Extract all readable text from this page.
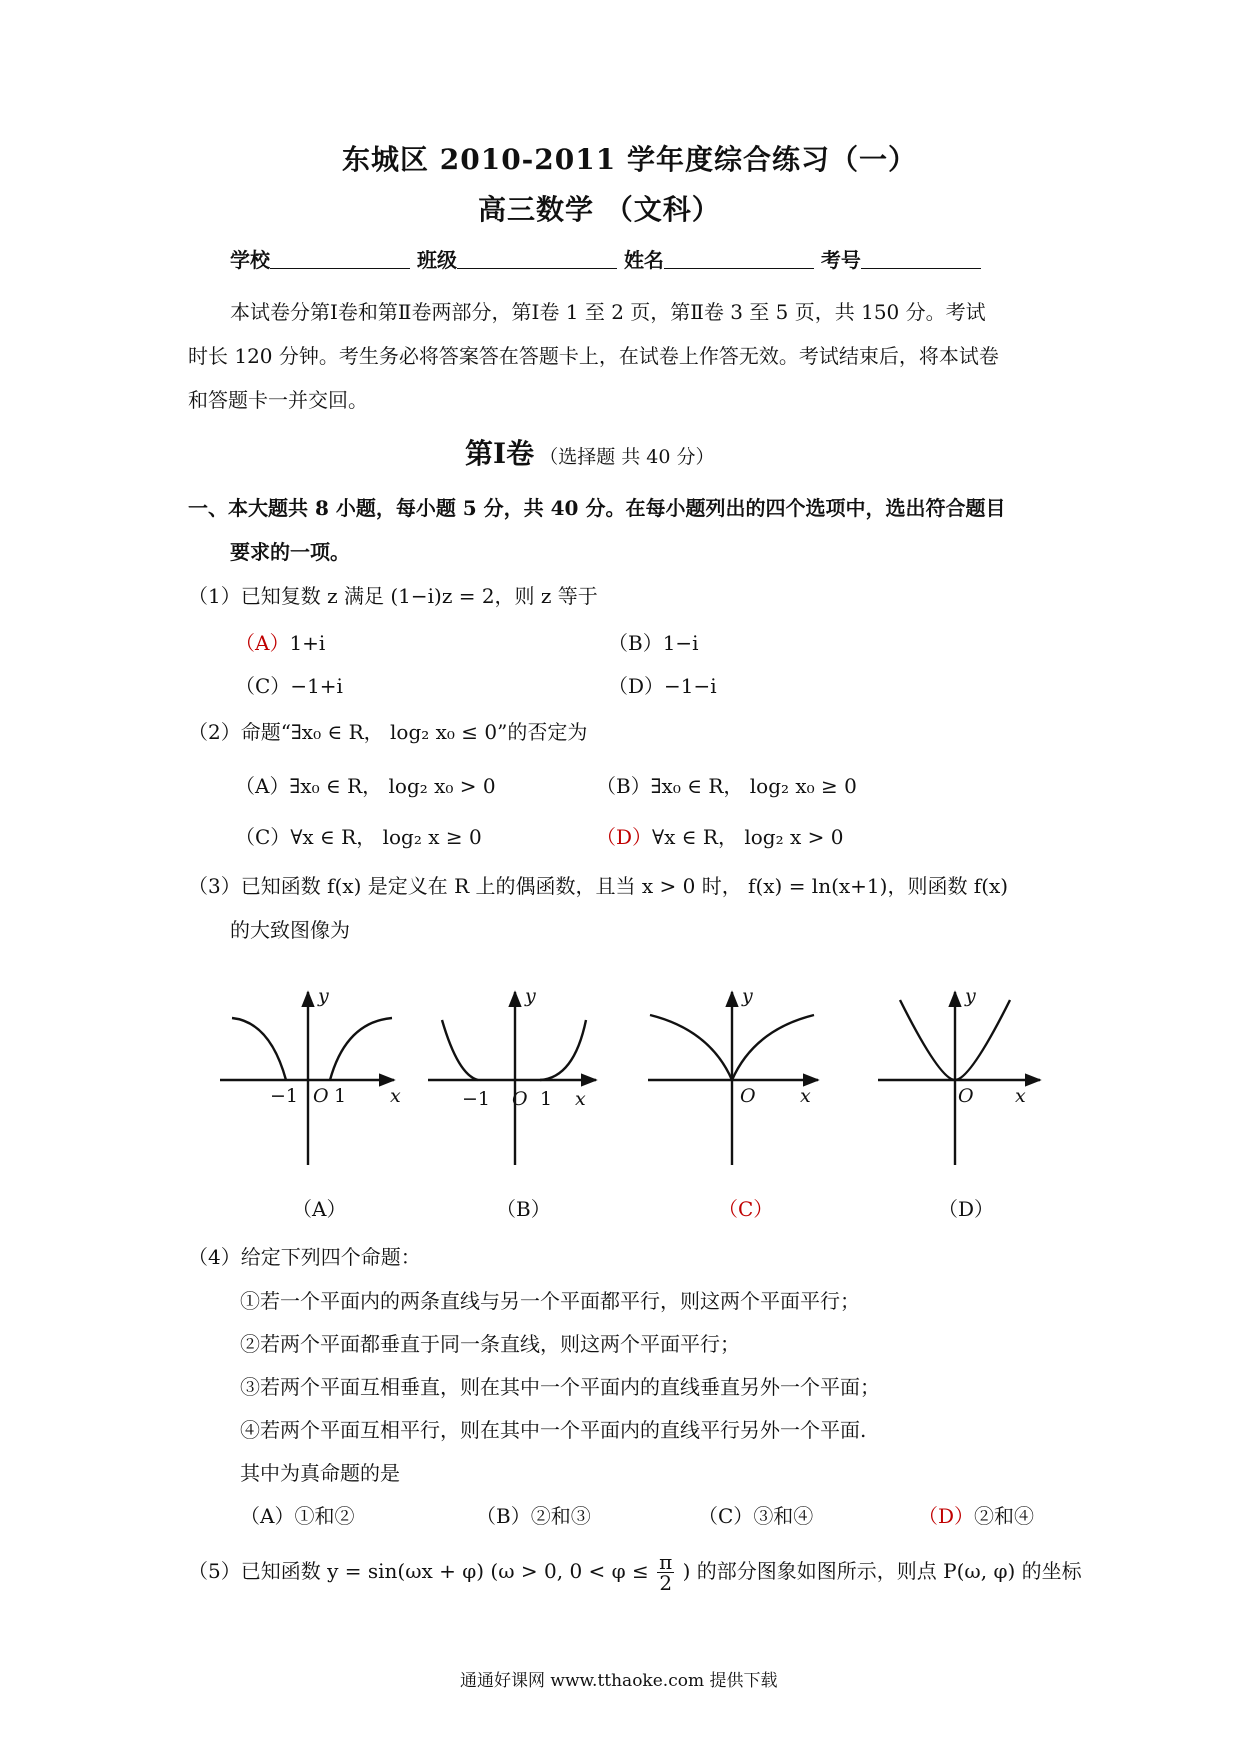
东城区 2010-2011 学年度综合练习（一）
高三数学 （文科）
学校	班级	姓名	考号
本试卷分第Ⅰ卷和第Ⅱ卷两部分，第Ⅰ卷 1 至 2 页，第Ⅱ卷 3 至 5 页，共 150 分。考试
时长 120 分钟。考生务必将答案答在答题卡上，在试卷上作答无效。考试结束后，将本试卷
和答题卡一并交回。
第Ⅰ卷 （选择题 共 40 分）
一、本大题共 8 小题，每小题 5 分，共 40 分。在每小题列出的四个选项中，选出符合题目
要求的一项。
（1）已知复数 z 满足 (1−i)z = 2，则 z 等于
（A）1+i	（B）1−i
（C）−1+i	（D）−1−i
（2）命题“∃x₀ ∈ R， log₂ x₀ ≤ 0”的否定为
（A）∃x₀ ∈ R， log₂ x₀ > 0	（B）∃x₀ ∈ R， log₂ x₀ ≥ 0
（C）∀x ∈ R， log₂ x ≥ 0	（D）∀x ∈ R， log₂ x > 0
（3）已知函数 f(x) 是定义在 R 上的偶函数，且当 x > 0 时， f(x) = ln(x+1)，则函数 f(x)
的大致图像为
y	y	y	y
x	x	x	x
O	O	O	O
−1 1	−1	1
（A）	（B）	（C）	（D）
（4）给定下列四个命题：
①若一个平面内的两条直线与另一个平面都平行，则这两个平面平行；
②若两个平面都垂直于同一条直线，则这两个平面平行；
③若两个平面互相垂直，则在其中一个平面内的直线垂直另外一个平面；
④若两个平面互相平行，则在其中一个平面内的直线平行另外一个平面.
其中为真命题的是
（A）①和②	（B）②和③	（C）③和④	（D）②和④
（5）已知函数 y = sin(ωx + φ) (ω > 0, $0 < \varphi \le \frac{\pi}{2}$ ) 的部分图象如图所示，则点 P(ω, φ) 的坐标
通通好课网 www.tthaoke.com 提供下载
